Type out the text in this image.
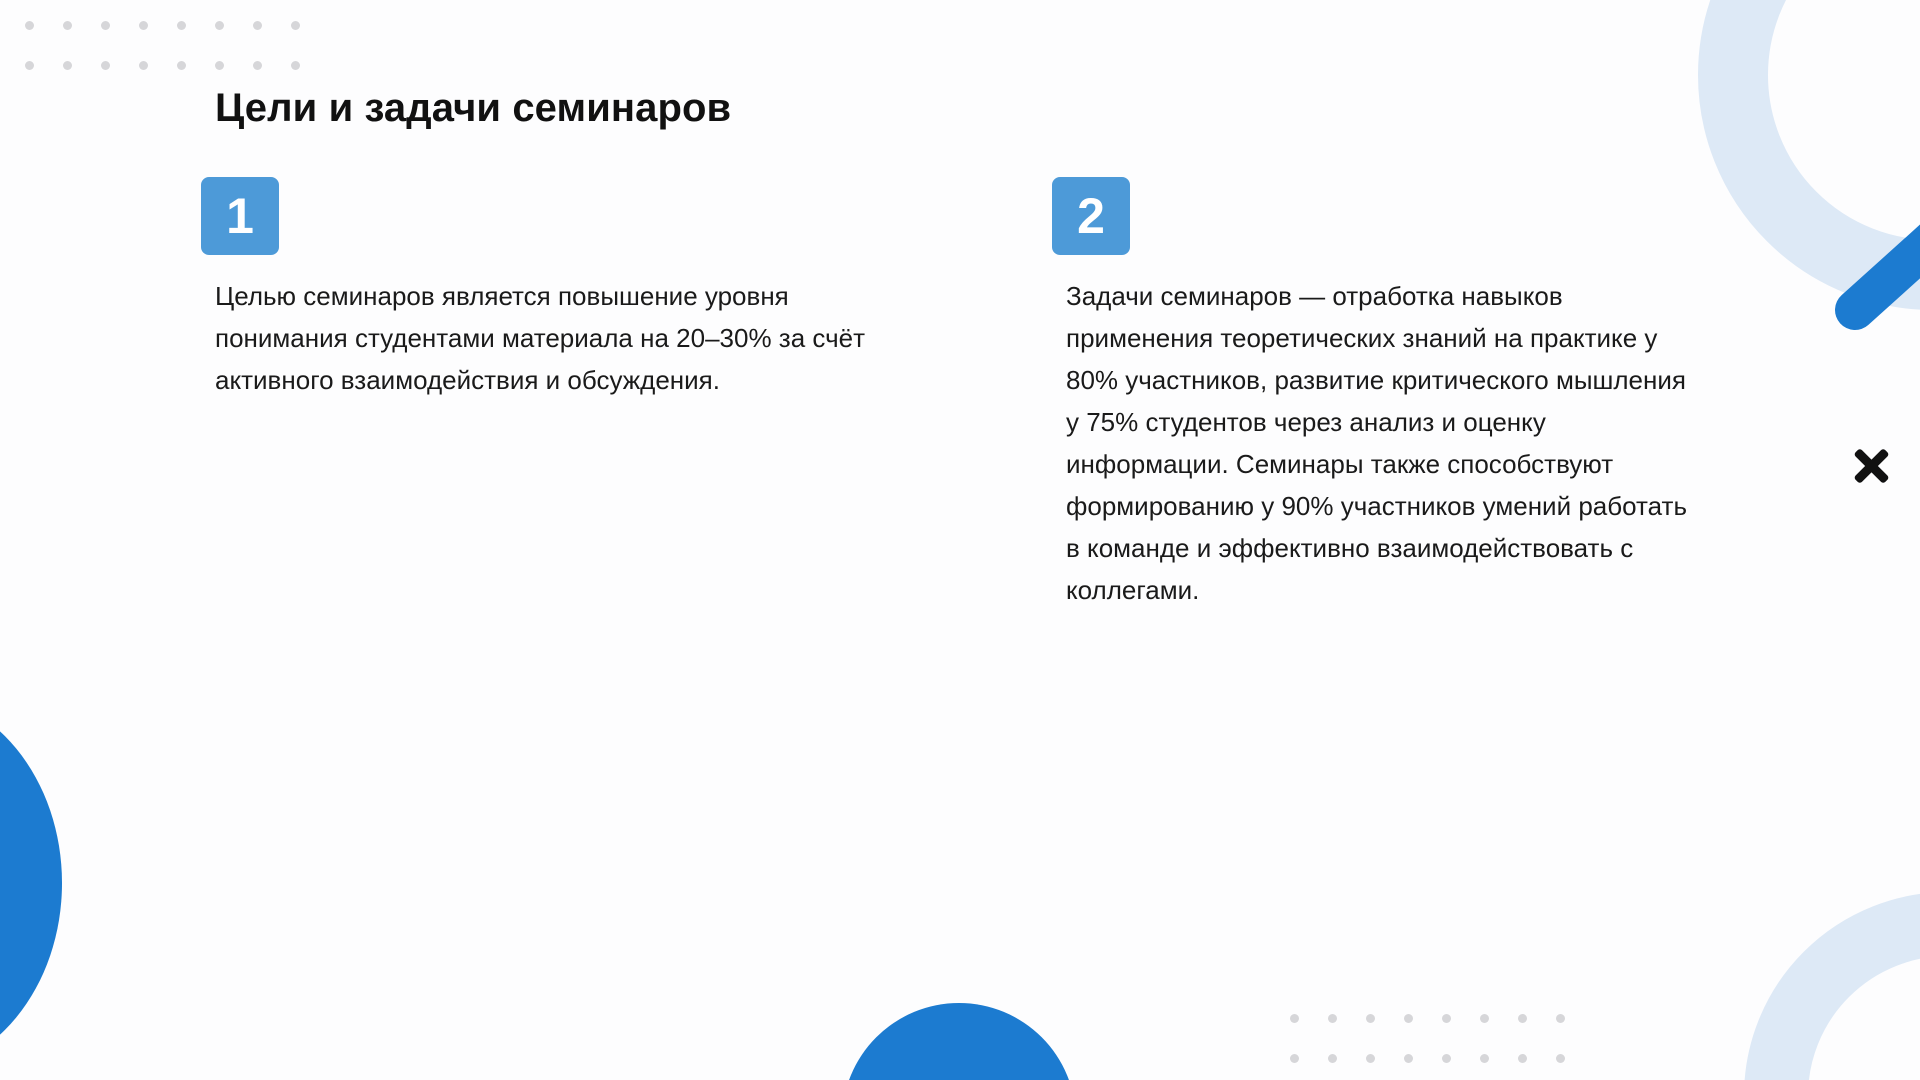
Цели и задачи семинаров
1

Целью семинаров является повышение уровня понимания студентами материала на 20–30% за счёт активного взаимодействия и обсуждения.

2

Задачи семинаров — отработка навыков применения теоретических знаний на практике у 80% участников, развитие критического мышления у 75% студентов через анализ и оценку информации. Семинары также способствуют формированию у 90% участников умений работать в команде и эффективно взаимодействовать с коллегами.
